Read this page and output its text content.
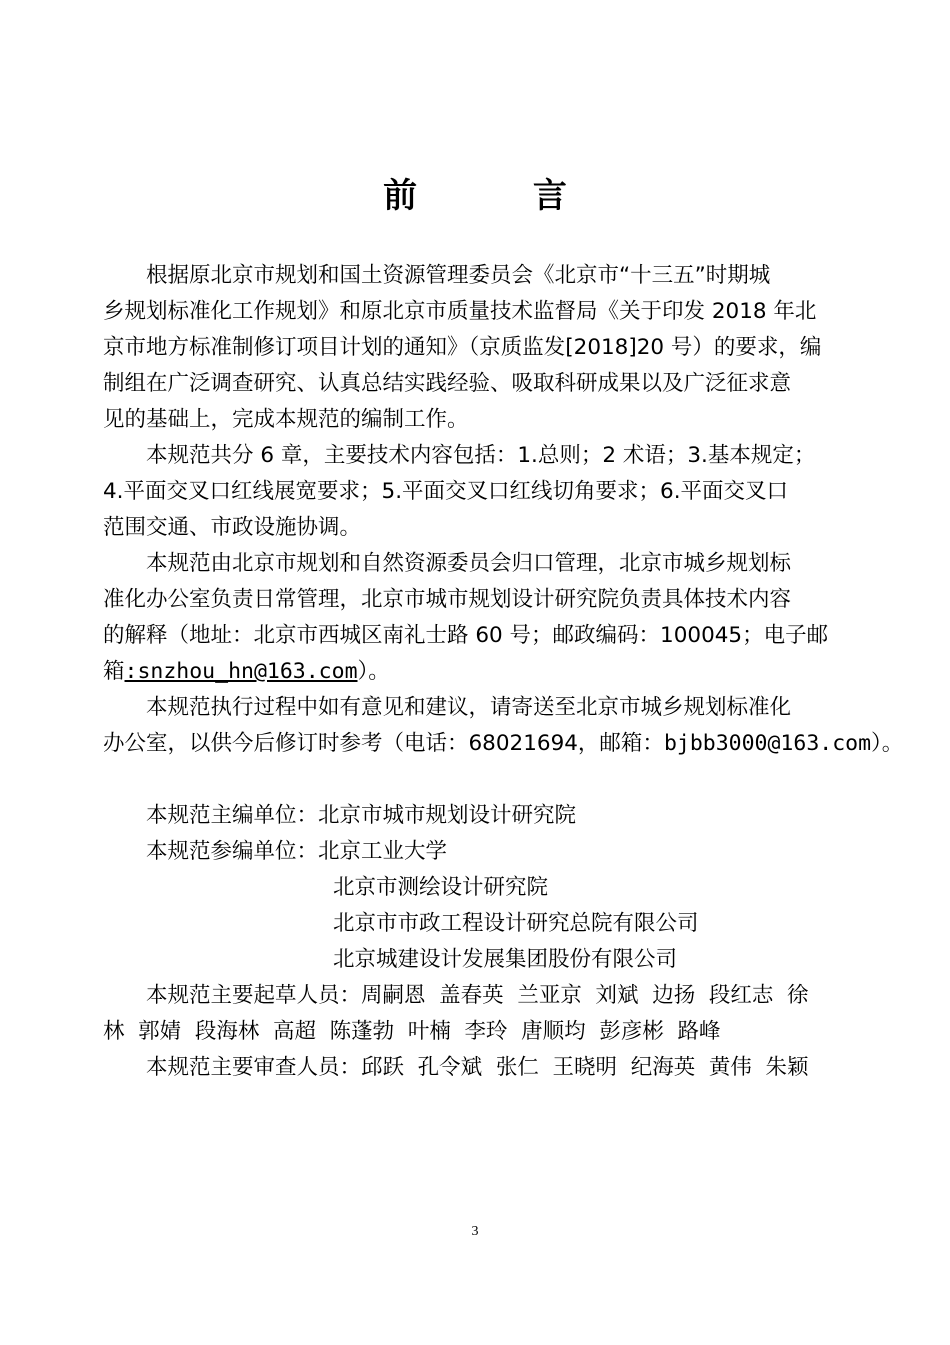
前 言

根据原北京市规划和国土资源管理委员会《北京市“十三五”时期城
乡规划标准化工作规划》和原北京市质量技术监督局《关于印发 2018 年北
京市地方标准制修订项目计划的通知》（京质监发[2018]20 号）的要求，编
制组在广泛调查研究、认真总结实践经验、吸取科研成果以及广泛征求意
见的基础上，完成本规范的编制工作。

本规范共分 6 章，主要技术内容包括：1.总则；2 术语；3.基本规定；
4.平面交叉口红线展宽要求；5.平面交叉口红线切角要求；6.平面交叉口
范围交通、市政设施协调。

本规范由北京市规划和自然资源委员会归口管理，北京市城乡规划标
准化办公室负责日常管理，北京市城市规划设计研究院负责具体技术内容
的解释（地址：北京市西城区南礼士路 60 号；邮政编码：100045；电子邮
箱:snzhou_hn@163.com）。

本规范执行过程中如有意见和建议，请寄送至北京市城乡规划标准化
办公室，以供今后修订时参考（电话：68021694，邮箱：bjbb3000@163.com）。

本规范主编单位：北京市城市规划设计研究院

本规范参编单位：北京工业大学

北京市测绘设计研究院

北京市市政工程设计研究总院有限公司

北京城建设计发展集团股份有限公司

本规范主要起草人员：周嗣恩  盖春英  兰亚京  刘斌  边扬  段红志  徐
林  郭婧  段海林  高超  陈蓬勃  叶楠  李玲  唐顺均  彭彦彬  路峰

本规范主要审查人员：邱跃  孔令斌  张仁  王晓明  纪海英  黄伟  朱颖

3
